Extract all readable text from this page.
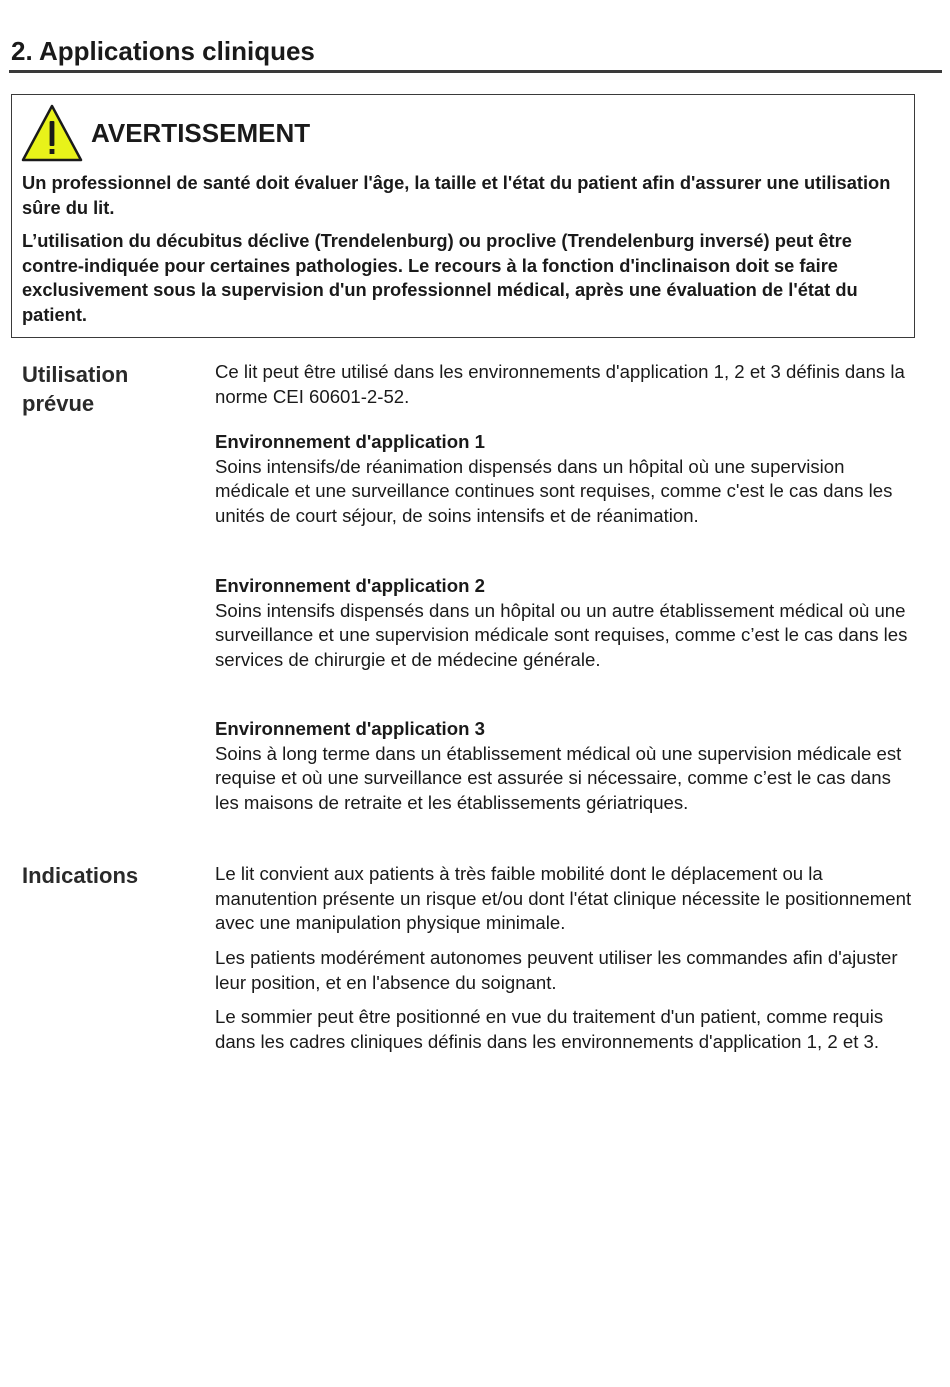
2. Applications cliniques
AVERTISSEMENT

Un professionnel de santé doit évaluer l'âge, la taille et l'état du patient afin d'assurer une utilisation sûre du lit.

L’utilisation du décubitus déclive (Trendelenburg) ou proclive (Trendelenburg inversé) peut être contre-indiquée pour certaines pathologies. Le recours à la fonction d'inclinaison doit se faire exclusivement sous la supervision d'un professionnel médical, après une évaluation de l'état du patient.

Utilisation prévue

Ce lit peut être utilisé dans les environnements d'application 1, 2 et 3 définis dans la norme CEI 60601-2-52.

Environnement d'application 1
Soins intensifs/de réanimation dispensés dans un hôpital où une supervision médicale et une surveillance continues sont requises, comme c'est le cas dans les unités de court séjour, de soins intensifs et de réanimation.
Environnement d'application 2
Soins intensifs dispensés dans un hôpital ou un autre établissement médical où une surveillance et une supervision médicale sont requises, comme c’est le cas dans les services de chirurgie et de médecine générale.
Environnement d'application 3
Soins à long terme dans un établissement médical où une supervision médicale est requise et où une surveillance est assurée si nécessaire, comme c’est le cas dans les maisons de retraite et les établissements gériatriques.
Indications	Le lit convient aux patients à très faible mobilité dont le déplacement ou la manutention présente un risque et/ou dont l'état clinique nécessite le positionnement avec une manipulation physique minimale.

Les patients modérément autonomes peuvent utiliser les commandes afin d'ajuster leur position, et en l'absence du soignant.

Le sommier peut être positionné en vue du traitement d'un patient, comme requis dans les cadres cliniques définis dans les environnements d'application 1, 2 et 3.
